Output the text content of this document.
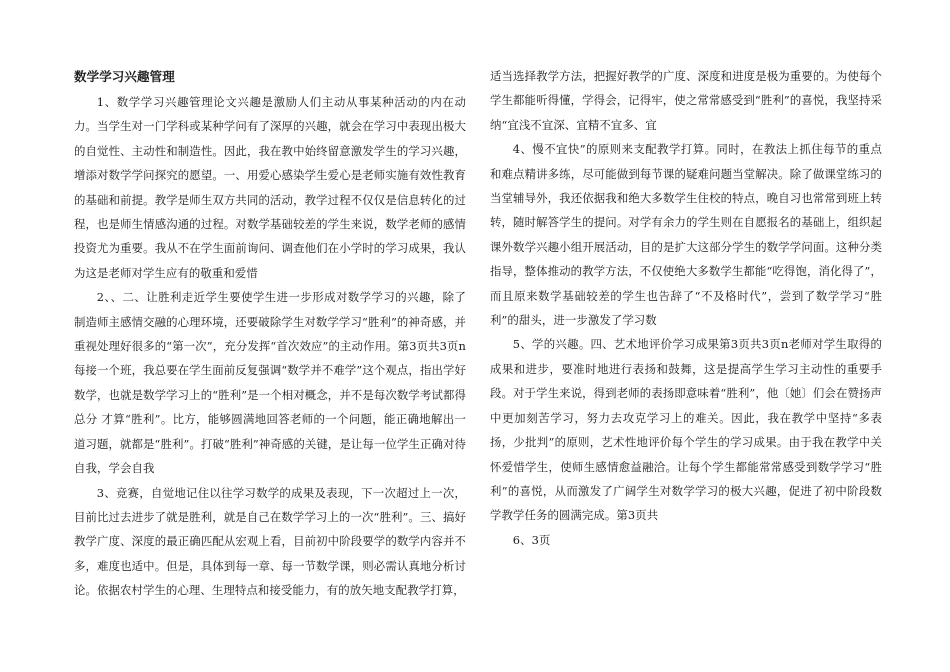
数学学习兴趣管理

1、数学学习兴趣管理论文兴趣是激励人们主动从事某种活动的内在动力。当学生对一门学科或某种学问有了深厚的兴趣，就会在学习中表现出极大的自觉性、主动性和制造性。因此，我在教中始终留意激发学生的学习兴趣，增添对数学学问探究的愿望。一、用爱心感染学生爱心是老师实施有效性教育的基础和前提。教学是师生双方共同的活动，教学过程不仅仅是信息转化的过程，也是师生情感沟通的过程。对数学基础较差的学生来说，数学老师的感情投资尤为重要。我从不在学生面前询问、调查他们在小学时的学习成果，我认为这是老师对学生应有的敬重和爱惜

2、、二、让胜利走近学生要使学生进一步形成对数学学习的兴趣，除了制造师主感情交融的心理环境，还要破除学生对数学学习“胜利”的神奇感，并重视处理好很多的“第一次”，充分发挥“首次效应”的主动作用。第3页共3页n每接一个班，我总要在学生面前反复强调“数学并不难学”这个观点，指出学好数学，也就是数学学习上的“胜利”是一个相对概念，并不是每次数学考试都得总分 才算“胜利”。比方，能够圆满地回答老师的一个问题，能正确地解出一道习题，就都是“胜利”。打破“胜利”神奇感的关键，是让每一位学生正确对待自我，学会自我

3、竞赛，自觉地记住以往学习数学的成果及表现，下一次超过上一次，目前比过去进步了就是胜利，就是自己在数学学习上的一次“胜利”。三、搞好教学广度、深度的最正确匹配从宏观上看，目前初中阶段要学的数学内容并不多，难度也适中。但是，具体到每一章、每一节数学课，则必需认真地分析讨论。依据农村学生的心理、生理特点和接受能力，有的放矢地支配教学打算，

适当选择教学方法，把握好教学的广度、深度和进度是极为重要的。为使每个学生都能听得懂，学得会，记得牢，使之常常感受到“胜利”的喜悦，我坚持采纳“宜浅不宜深、宜精不宜多、宜

4、慢不宜快”的原则来支配教学打算。同时，在教法上抓住每节的重点和难点精讲多练，尽可能做到每节课的疑难问题当堂解决。除了做课堂练习的当堂辅导外，我还依据我和绝大多数学生住校的特点，晚自习也常常到班上转转，随时解答学生的提问。对学有余力的学生则在自愿报名的基础上，组织起课外数学兴趣小组开展活动，目的是扩大这部分学生的数学学问面。这种分类指导，整体推动的教学方法，不仅使绝大多数学生都能“吃得饱，消化得了”，而且原来数学基础较差的学生也告辞了“不及格时代”，尝到了数学学习“胜利”的甜头，进一步激发了学习数

5、学的兴趣。四、艺术地评价学习成果第3页共3页n老师对学生取得的成果和进步，要准时地进行表扬和鼓舞，这是提高学生学习主动性的重要手段。对于学生来说，得到老师的表扬即意味着“胜利”，他〔她〕们会在赞扬声中更加刻苦学习，努力去攻克学习上的难关。因此，我在教学中坚持“多表扬，少批判”的原则，艺术性地评价每个学生的学习成果。由于我在教学中关怀爱惜学生，使师生感情愈益融洽。让每个学生都能常常感受到数学学习“胜利”的喜悦，从而激发了广阔学生对数学学习的极大兴趣，促进了初中阶段数学教学任务的圆满完成。第3页共

6、3页
